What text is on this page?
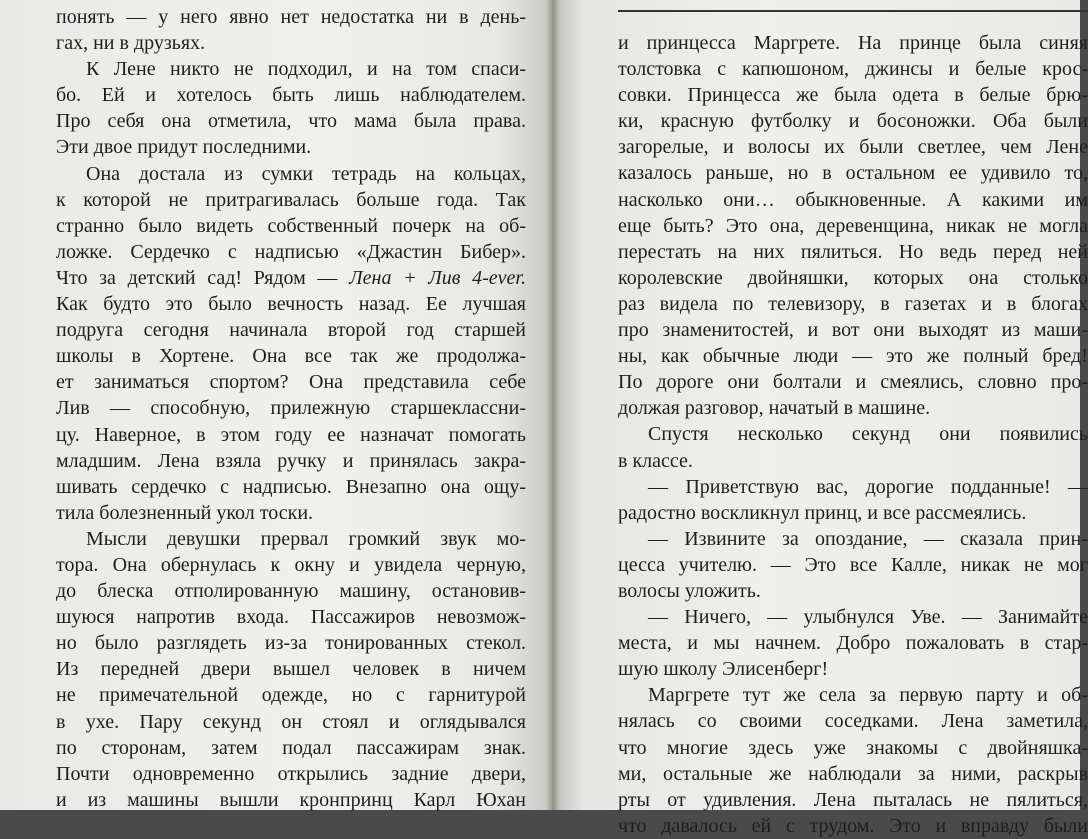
понять — у него явно нет недостатка ни в день-
гах, ни в друзьях.
К Лене никто не подходил, и на том спаси-
бо. Ей и хотелось быть лишь наблюдателем.
Про себя она отметила, что мама была права.
Эти двое придут последними.
Она достала из сумки тетрадь на кольцах,
к которой не притрагивалась больше года. Так
странно было видеть собственный почерк на об-
ложке. Сердечко с надписью «Джастин Бибер».
Что за детский сад! Рядом — Лена + Лив 4-ever.
Как будто это было вечность назад. Ее лучшая
подруга сегодня начинала второй год старшей
школы в Хортене. Она все так же продолжа-
ет заниматься спортом? Она представила себе
Лив — способную, прилежную старшеклассни-
цу. Наверное, в этом году ее назначат помогать
младшим. Лена взяла ручку и принялась закра-
шивать сердечко с надписью. Внезапно она ощу-
тила болезненный укол тоски.
Мысли девушки прервал громкий звук мо-
тора. Она обернулась к окну и увидела черную,
до блеска отполированную машину, остановив-
шуюся напротив входа. Пассажиров невозмож-
но было разглядеть из-за тонированных стекол.
Из передней двери вышел человек в ничем
не примечательной одежде, но с гарнитурой
в ухе. Пару секунд он стоял и оглядывался
по сторонам, затем подал пассажирам знак.
Почти одновременно открылись задние двери,
и из машины вышли кронпринц Карл Юхан
и принцесса Маргрете. На принце была синяя
толстовка с капюшоном, джинсы и белые крос-
совки. Принцесса же была одета в белые брю-
ки, красную футболку и босоножки. Оба были
загорелые, и волосы их были светлее, чем Лене
казалось раньше, но в остальном ее удивило то,
насколько они… обыкновенные. А какими им
еще быть? Это она, деревенщина, никак не могла
перестать на них пялиться. Но ведь перед ней
королевские двойняшки, которых она столько
раз видела по телевизору, в газетах и в блогах
про знаменитостей, и вот они выходят из маши-
ны, как обычные люди — это же полный бред!
По дороге они болтали и смеялись, словно про-
должая разговор, начатый в машине.
Спустя несколько секунд они появились
в классе.
— Приветствую вас, дорогие подданные! —
радостно воскликнул принц, и все рассмеялись.
— Извините за опоздание, — сказала прин-
цесса учителю. — Это все Калле, никак не мог
волосы уложить.
— Ничего, — улыбнулся Уве. — Занимайте
места, и мы начнем. Добро пожаловать в стар-
шую школу Элисенберг!
Маргрете тут же села за первую парту и об-
нялась со своими соседками. Лена заметила,
что многие здесь уже знакомы с двойняшка-
ми, остальные же наблюдали за ними, раскрыв
рты от удивления. Лена пыталась не пялиться,
что давалось ей с трудом. Это и вправду были
